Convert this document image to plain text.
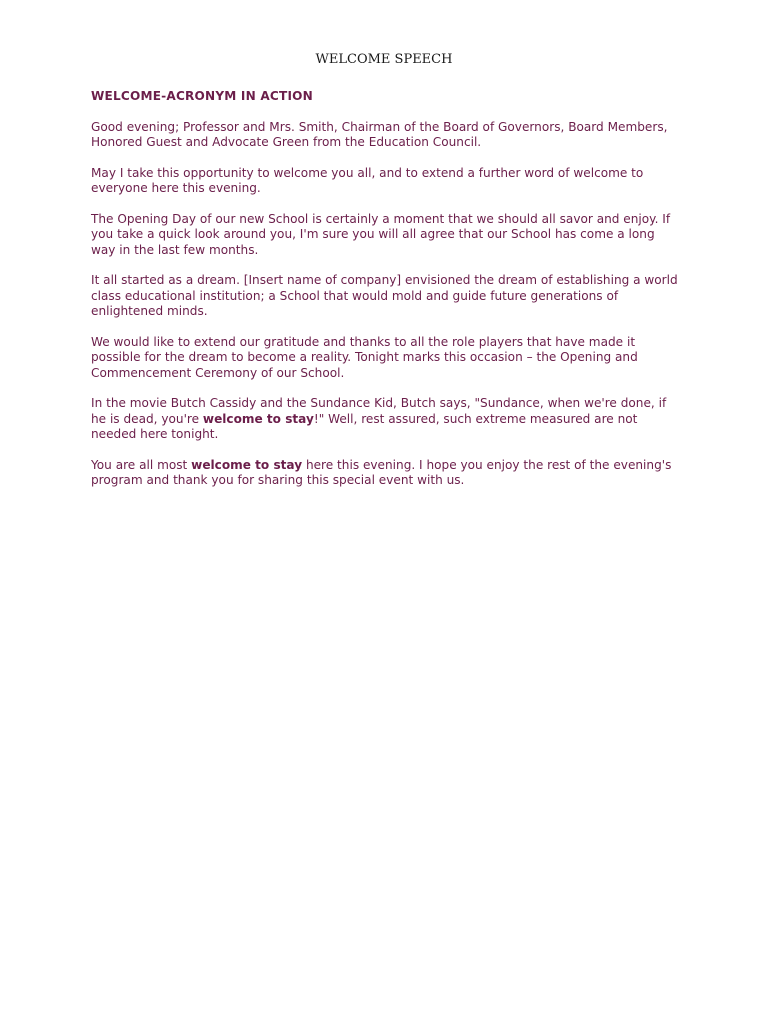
WELCOME SPEECH
WELCOME-ACRONYM IN ACTION
Good evening; Professor and Mrs. Smith, Chairman of the Board of Governors, Board Members, Honored Guest and Advocate Green from the Education Council.
May I take this opportunity to welcome you all, and to extend a further word of welcome to everyone here this evening.
The Opening Day of our new School is certainly a moment that we should all savor and enjoy. If you take a quick look around you, I'm sure you will all agree that our School has come a long way in the last few months.
It all started as a dream. [Insert name of company] envisioned the dream of establishing a world class educational institution; a School that would mold and guide future generations of enlightened minds.
We would like to extend our gratitude and thanks to all the role players that have made it possible for the dream to become a reality. Tonight marks this occasion – the Opening and Commencement Ceremony of our School.
In the movie Butch Cassidy and the Sundance Kid, Butch says, "Sundance, when we're done, if he is dead, you're welcome to stay!" Well, rest assured, such extreme measured are not needed here tonight.
You are all most welcome to stay here this evening. I hope you enjoy the rest of the evening's program and thank you for sharing this special event with us.
